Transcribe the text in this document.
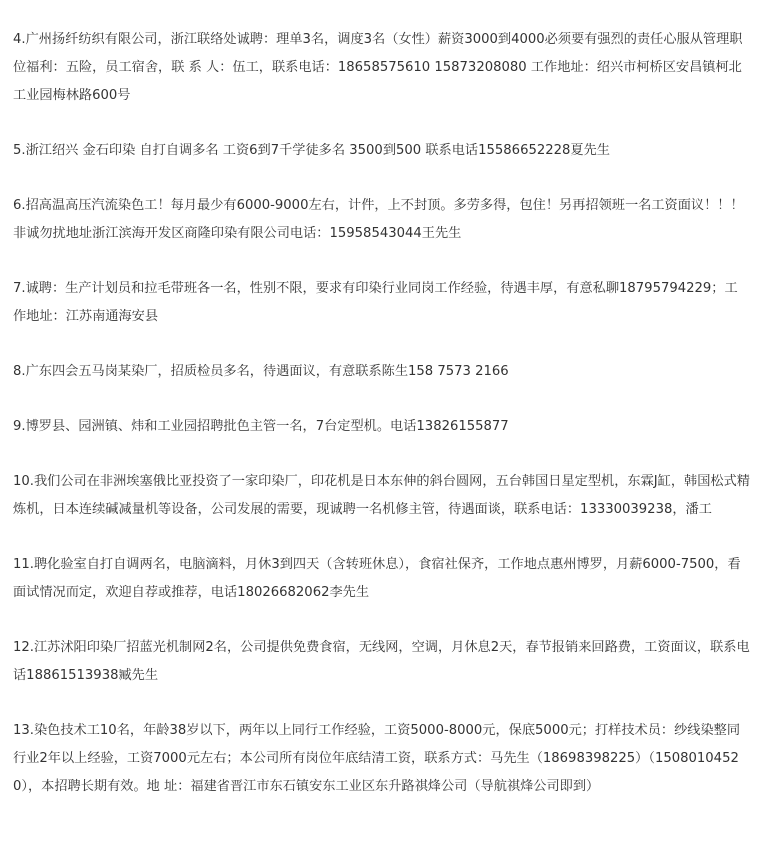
4.广州扬纤纺织有限公司，浙江联络处诚聘：理单3名，调度3名（女性）薪资3000到4000必须要有强烈的责任心服从管理职位福利：五险，员工宿舍，联 系 人：伍工，联系电话：18658575610 15873208080 工作地址：绍兴市柯桥区安昌镇柯北工业园梅林路600号
5.浙江绍兴 金石印染 自打自调多名 工资6到7千学徒多名 3500到500 联系电话15586652228夏先生
6.招高温高压汽流染色工！每月最少有6000-9000左右，计件，上不封顶。多劳多得，包住！另再招领班一名工资面议！！！非诚勿扰地址浙江滨海开发区商隆印染有限公司电话：15958543044王先生
7.诚聘：生产计划员和拉毛带班各一名，性别不限，要求有印染行业同岗工作经验，待遇丰厚，有意私聊18795794229；工作地址：江苏南通海安县
8.广东四会五马岗某染厂，招质检员多名，待遇面议，有意联系陈生158 7573 2166
9.博罗县、园洲镇、炜和工业园招聘批色主管一名，7台定型机。电话13826155877
10.我们公司在非洲埃塞俄比亚投资了一家印染厂，印花机是日本东伸的斜台圆网，五台韩国日星定型机，东霖J缸，韩国松式精炼机，日本连续碱减量机等设备，公司发展的需要，现诚聘一名机修主管，待遇面谈，联系电话：13330039238，潘工
11.聘化验室自打自调两名，电脑滴料，月休3到四天（含转班休息），食宿社保齐，工作地点惠州博罗，月薪6000-7500，看面试情况而定，欢迎自荐或推荐，电话18026682062李先生
12.江苏沭阳印染厂招蓝光机制网2名，公司提供免费食宿，无线网，空调，月休息2天，春节报销来回路费，工资面议，联系电话18861513938臧先生
13.染色技术工10名，年龄38岁以下，两年以上同行工作经验，工资5000-8000元，保底5000元；打样技术员：纱线染整同行业2年以上经验，工资7000元左右；本公司所有岗位年底结清工资，联系方式：马先生（18698398225）（15080104520），本招聘长期有效。地 址：福建省晋江市东石镇安东工业区东升路祺烽公司（导航祺烽公司即到）
